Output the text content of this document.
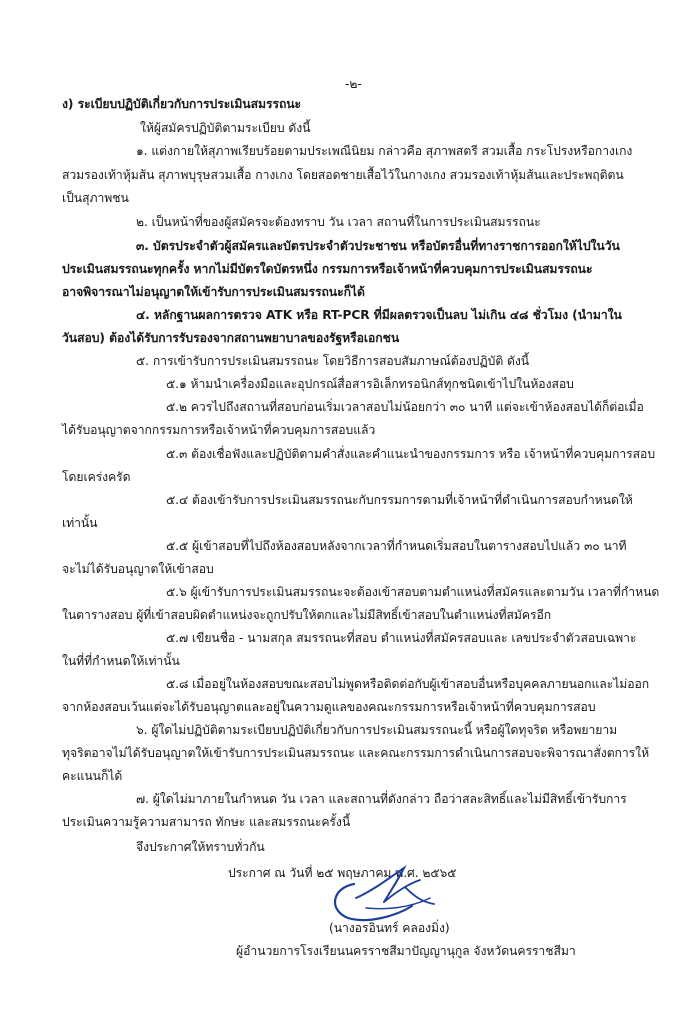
-๒-

ง) ระเบียบปฏิบัติเกี่ยวกับการประเมินสมรรถนะ

ให้ผู้สมัครปฏิบัติตามระเบียบ ดังนี้

๑. แต่งกายให้สุภาพเรียบร้อยตามประเพณีนิยม กล่าวคือ สุภาพสตรี สวมเสื้อ กระโปรงหรือกางเกง

สวมรองเท้าหุ้มส้น สุภาพบุรุษสวมเสื้อ กางเกง โดยสอดชายเสื้อไว้ในกางเกง สวมรองเท้าหุ้มส้นและประพฤติตน

เป็นสุภาพชน

๒. เป็นหน้าที่ของผู้สมัครจะต้องทราบ วัน เวลา สถานที่ในการประเมินสมรรถนะ

๓. บัตรประจำตัวผู้สมัครและบัตรประจำตัวประชาชน หรือบัตรอื่นที่ทางราชการออกให้ไปในวัน

ประเมินสมรรถนะทุกครั้ง หากไม่มีบัตรใดบัตรหนึ่ง กรรมการหรือเจ้าหน้าที่ควบคุมการประเมินสมรรถนะ

อาจพิจารณาไม่อนุญาตให้เข้ารับการประเมินสมรรถนะก็ได้

๔. หลักฐานผลการตรวจ ATK หรือ RT-PCR ที่มีผลตรวจเป็นลบ ไม่เกิน ๔๘ ชั่วโมง (นำมาใน

วันสอบ) ต้องได้รับการรับรองจากสถานพยาบาลของรัฐหรือเอกชน

๕. การเข้ารับการประเมินสมรรถนะ โดยวิธีการสอบสัมภาษณ์ต้องปฏิบัติ ดังนี้

๕.๑ ห้ามนำเครื่องมือและอุปกรณ์สื่อสารอิเล็กทรอนิกส์ทุกชนิดเข้าไปในห้องสอบ

๕.๒ ควรไปถึงสถานที่สอบก่อนเริ่มเวลาสอบไม่น้อยกว่า ๓๐ นาที แต่จะเข้าห้องสอบได้ก็ต่อเมื่อ

ได้รับอนุญาตจากกรรมการหรือเจ้าหน้าที่ควบคุมการสอบแล้ว

๕.๓ ต้องเชื่อฟังและปฏิบัติตามคำสั่งและคำแนะนำของกรรมการ หรือ เจ้าหน้าที่ควบคุมการสอบ

โดยเคร่งครัด

๕.๔ ต้องเข้ารับการประเมินสมรรถนะกับกรรมการตามที่เจ้าหน้าที่ดำเนินการสอบกำหนดให้

เท่านั้น

๕.๕ ผู้เข้าสอบที่ไปถึงห้องสอบหลังจากเวลาที่กำหนดเริ่มสอบในตารางสอบไปแล้ว ๓๐ นาที

จะไม่ได้รับอนุญาตให้เข้าสอบ

๕.๖ ผู้เข้ารับการประเมินสมรรถนะจะต้องเข้าสอบตามตำแหน่งที่สมัครและตามวัน เวลาที่กำหนด

ในตารางสอบ ผู้ที่เข้าสอบผิดตำแหน่งจะถูกปรับให้ตกและไม่มีสิทธิ์เข้าสอบในตำแหน่งที่สมัครอีก

๕.๗ เขียนชื่อ - นามสกุล สมรรถนะที่สอบ ตำแหน่งที่สมัครสอบและ เลขประจำตัวสอบเฉพาะ

ในที่ที่กำหนดให้เท่านั้น

๕.๘ เมื่ออยู่ในห้องสอบขณะสอบไม่พูดหรือติดต่อกับผู้เข้าสอบอื่นหรือบุคคลภายนอกและไม่ออก

จากห้องสอบเว้นแต่จะได้รับอนุญาตและอยู่ในความดูแลของคณะกรรมการหรือเจ้าหน้าที่ควบคุมการสอบ

๖. ผู้ใดไม่ปฏิบัติตามระเบียบปฏิบัติเกี่ยวกับการประเมินสมรรถนะนี้ หรือผู้ใดทุจริต หรือพยายาม

ทุจริตอาจไม่ได้รับอนุญาตให้เข้ารับการประเมินสมรรถนะ และคณะกรรมการดำเนินการสอบจะพิจารณาสั่งตการให้

คะแนนก็ได้

๗. ผู้ใดไม่มาภายในกำหนด วัน เวลา และสถานที่ดังกล่าว ถือว่าสละสิทธิ์และไม่มีสิทธิ์เข้ารับการ

ประเมินความรู้ความสามารถ ทักษะ และสมรรถนะครั้งนี้

จึงประกาศให้ทราบทั่วกัน

ประกาศ ณ วันที่ ๒๕ พฤษภาคม พ.ศ. ๒๕๖๕

(นางอรอินทร์ คลองมิ่ง)

ผู้อำนวยการโรงเรียนนครราชสีมาปัญญานุกูล จังหวัดนครราชสีมา
